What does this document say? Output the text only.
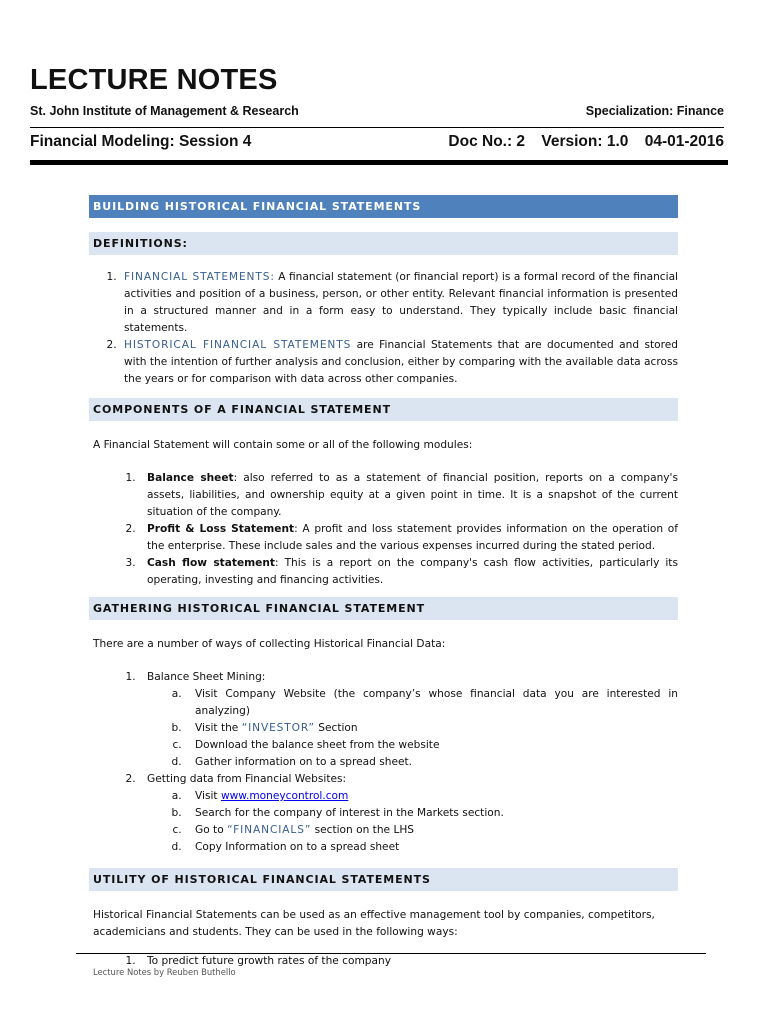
LECTURE NOTES
St. John Institute of Management & Research	Specialization: Finance
Financial Modeling: Session 4	Doc No.: 2 Version: 1.0 04-01-2016
BUILDING HISTORICAL FINANCIAL STATEMENTS
DEFINITIONS:
1. FINANCIAL STATEMENTS: A financial statement (or financial report) is a formal record of the financial activities and position of a business, person, or other entity. Relevant financial information is presented in a structured manner and in a form easy to understand. They typically include basic financial statements.
2. HISTORICAL FINANCIAL STATEMENTS are Financial Statements that are documented and stored with the intention of further analysis and conclusion, either by comparing with the available data across the years or for comparison with data across other companies.
COMPONENTS OF A FINANCIAL STATEMENT
A Financial Statement will contain some or all of the following modules:
1. Balance sheet: also referred to as a statement of financial position, reports on a company's assets, liabilities, and ownership equity at a given point in time. It is a snapshot of the current situation of the company.
2. Profit & Loss Statement: A profit and loss statement provides information on the operation of the enterprise. These include sales and the various expenses incurred during the stated period.
3. Cash flow statement: This is a report on the company's cash flow activities, particularly its operating, investing and financing activities.
GATHERING HISTORICAL FINANCIAL STATEMENT
There are a number of ways of collecting Historical Financial Data:
1. Balance Sheet Mining:
a. Visit Company Website (the company’s whose financial data you are interested in analyzing)
b. Visit the “INVESTOR” Section
c. Download the balance sheet from the website
d. Gather information on to a spread sheet.
2. Getting data from Financial Websites:
a. Visit www.moneycontrol.com
b. Search for the company of interest in the Markets section.
c. Go to “FINANCIALS” section on the LHS
d. Copy Information on to a spread sheet
UTILITY OF HISTORICAL FINANCIAL STATEMENTS
Historical Financial Statements can be used as an effective management tool by companies, competitors, academicians and students. They can be used in the following ways:
1. To predict future growth rates of the company
Lecture Notes by Reuben Buthello
